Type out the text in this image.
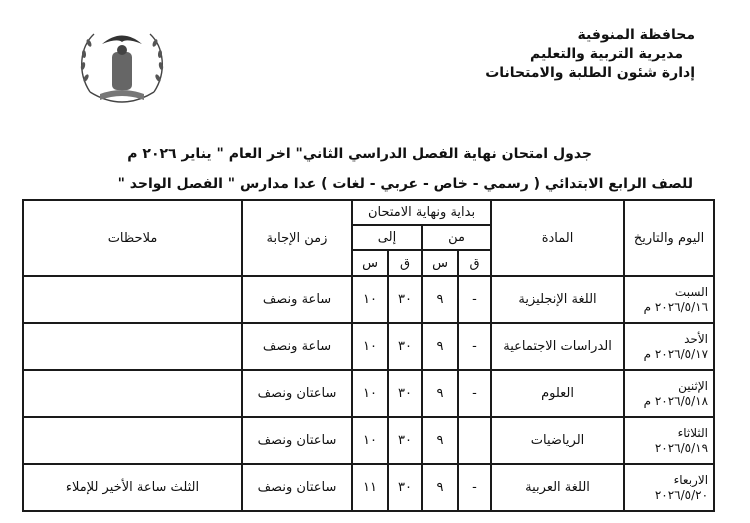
محافظة المنوفية
مديرية التربية والتعليم
إدارة شئون الطلبة والامتحانات
جدول امتحان نهاية الفصل الدراسي الثاني" اخر العام " يناير ٢٠٢٦ م
للصف الرابع الابتدائي ( رسمي - خاص - عربي - لغات ) عدا مدارس " الفصل الواحد "
اليوم والتاريخ	المادة	بداية ونهاية الامتحان				زمن الإجابة	ملاحظات
		من		إلى			
		ق	س	ق	س		

السبت
٢٠٢٦/٥/١٦ م	اللغة الإنجليزية	-	٩	٣٠	١٠	ساعة ونصف	

الأحد
٢٠٢٦/٥/١٧ م	الدراسات الاجتماعية	-	٩	٣٠	١٠	ساعة ونصف	

الإثنين
٢٠٢٦/٥/١٨ م	العلوم	-	٩	٣٠	١٠	ساعتان ونصف	

الثلاثاء
٢٠٢٦/٥/١٩	الرياضيات		٩	٣٠	١٠	ساعتان ونصف	

الاربعاء
٢٠٢٦/٥/٢٠	اللغة العربية	-	٩	٣٠	١١	ساعتان ونصف	الثلث ساعة الأخير للإملاء
